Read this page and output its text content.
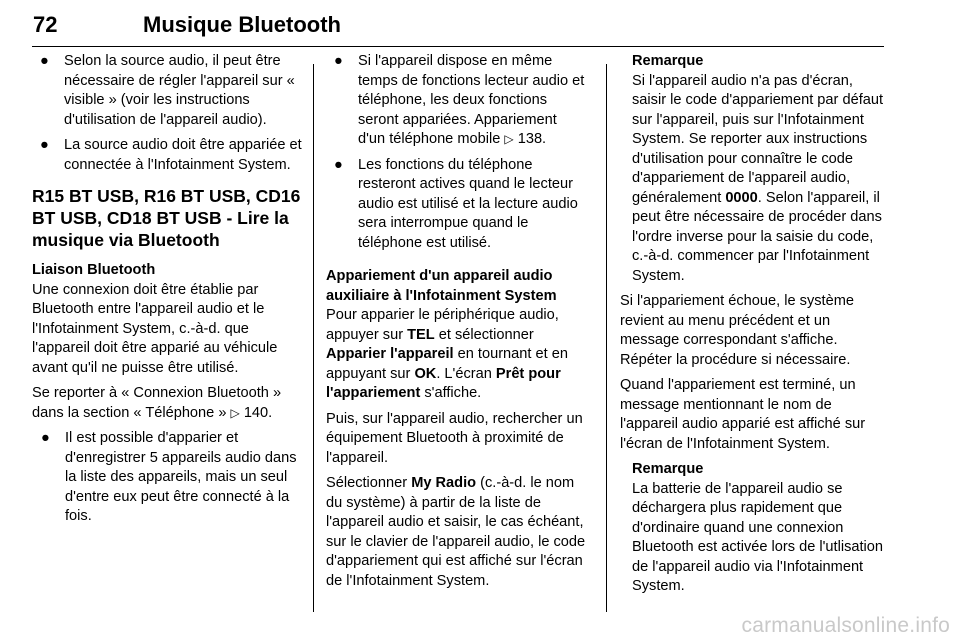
72	Musique Bluetooth
● Selon la source audio, il peut être nécessaire de régler l'appareil sur « visible » (voir les instructions d'utilisation de l'appareil audio).
● La source audio doit être appariée et connectée à l'Infotainment System.
R15 BT USB, R16 BT USB, CD16 BT USB, CD18 BT USB - Lire la musique via Bluetooth

Liaison Bluetooth
Une connexion doit être établie par Bluetooth entre l'appareil audio et le l'Infotainment System, c.-à-d. que l'appareil doit être apparié au véhicule avant qu'il ne puisse être utilisé.

Se reporter à « Connexion Bluetooth » dans la section « Téléphone » ▷ 140.

● Il est possible d'apparier et d'enregistrer 5 appareils audio dans la liste des appareils, mais un seul d'entre eux peut être connecté à la fois.
● Si l'appareil dispose en même temps de fonctions lecteur audio et téléphone, les deux fonctions seront appariées. Appariement d'un téléphone mobile ▷ 138.
● Les fonctions du téléphone resteront actives quand le lecteur audio est utilisé et la lecture audio sera interrompue quand le téléphone est utilisé.

Appariement d'un appareil audio auxiliaire à l'Infotainment System
Pour apparier le périphérique audio, appuyer sur TEL et sélectionner Apparier l'appareil en tournant et en appuyant sur OK. L'écran Prêt pour l'appariement s'affiche.

Puis, sur l'appareil audio, rechercher un équipement Bluetooth à proximité de l'appareil.

Sélectionner My Radio (c.-à-d. le nom du système) à partir de la liste de l'appareil audio et saisir, le cas échéant, sur le clavier de l'appareil audio, le code d'appariement qui est affiché sur l'écran de l'Infotainment System.

Remarque
Si l'appareil audio n'a pas d'écran, saisir le code d'appariement par défaut sur l'appareil, puis sur l'Infotainment System. Se reporter aux instructions d'utilisation pour connaître le code d'appariement de l'appareil audio, généralement 0000. Selon l'appareil, il peut être nécessaire de procéder dans l'ordre inverse pour la saisie du code, c.-à-d. commencer par l'Infotainment System.

Si l'appariement échoue, le système revient au menu précédent et un message correspondant s'affiche. Répéter la procédure si nécessaire.

Quand l'appariement est terminé, un message mentionnant le nom de l'appareil audio apparié est affiché sur l'écran de l'Infotainment System.

Remarque
La batterie de l'appareil audio se déchargera plus rapidement que d'ordinaire quand une connexion Bluetooth est activée lors de l'utlisation de l'appareil audio via l'Infotainment System.
carmanualsonline.info
